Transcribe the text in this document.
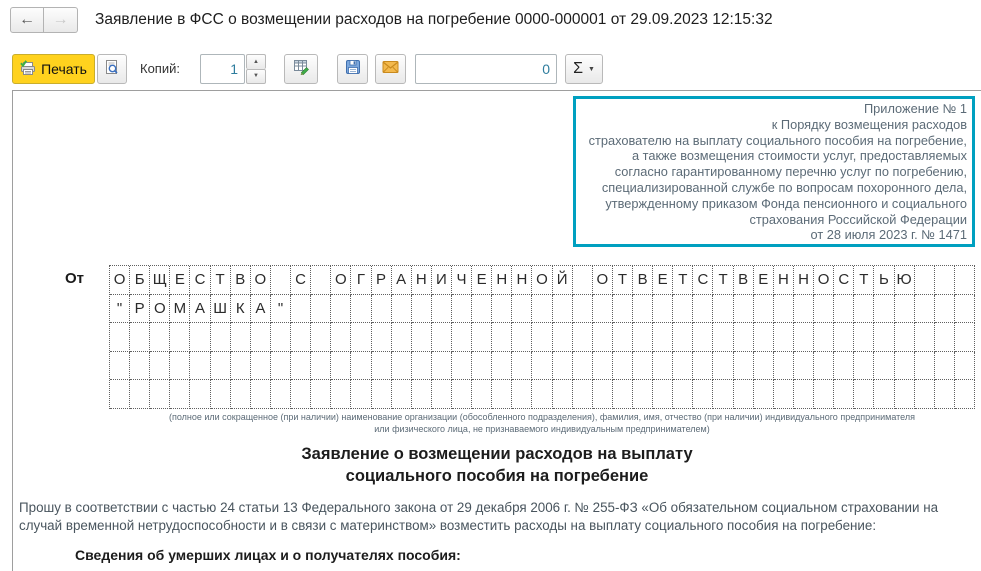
← → Заявление в ФСС о возмещении расходов на погребение 0000-000001 от 29.09.2023 12:15:32
Печать	Копий:
1	▲
▼
0	Σ ▼
Приложение № 1
к Порядку возмещения расходов
страхователю на выплату социального пособия на погребение,
а также возмещения стоимости услуг, предоставляемых
согласно гарантированному перечню услуг по погребению,
специализированной службе по вопросам похоронного дела,
утвержденному приказом Фонда пенсионного и социального
страхования Российской Федерации
от 28 июля 2023 г. № 1471
От О Б Щ Е С Т В О	С	О Г Р А Н И Ч Е Н Н О Й	О Т В Е Т С Т В Е Н Н О С Т Ь Ю
" Р О М А Ш К А "
(полное или сокращенное (при наличии) наименование организации (обособленного подразделения), фамилия, имя, отчество (при наличии) индивидуального предпринимателя
или физического лица, не признаваемого индивидуальным предпринимателем)
Заявление о возмещении расходов на выплату
социального пособия на погребение
Прошу в соответствии с частью 24 статьи 13 Федерального закона от 29 декабря 2006 г. № 255-ФЗ «Об обязательном социальном страховании на случай временной нетрудоспособности и в связи с материнством» возместить расходы на выплату социального пособия на погребение:
Сведения об умерших лицах и о получателях пособия:
